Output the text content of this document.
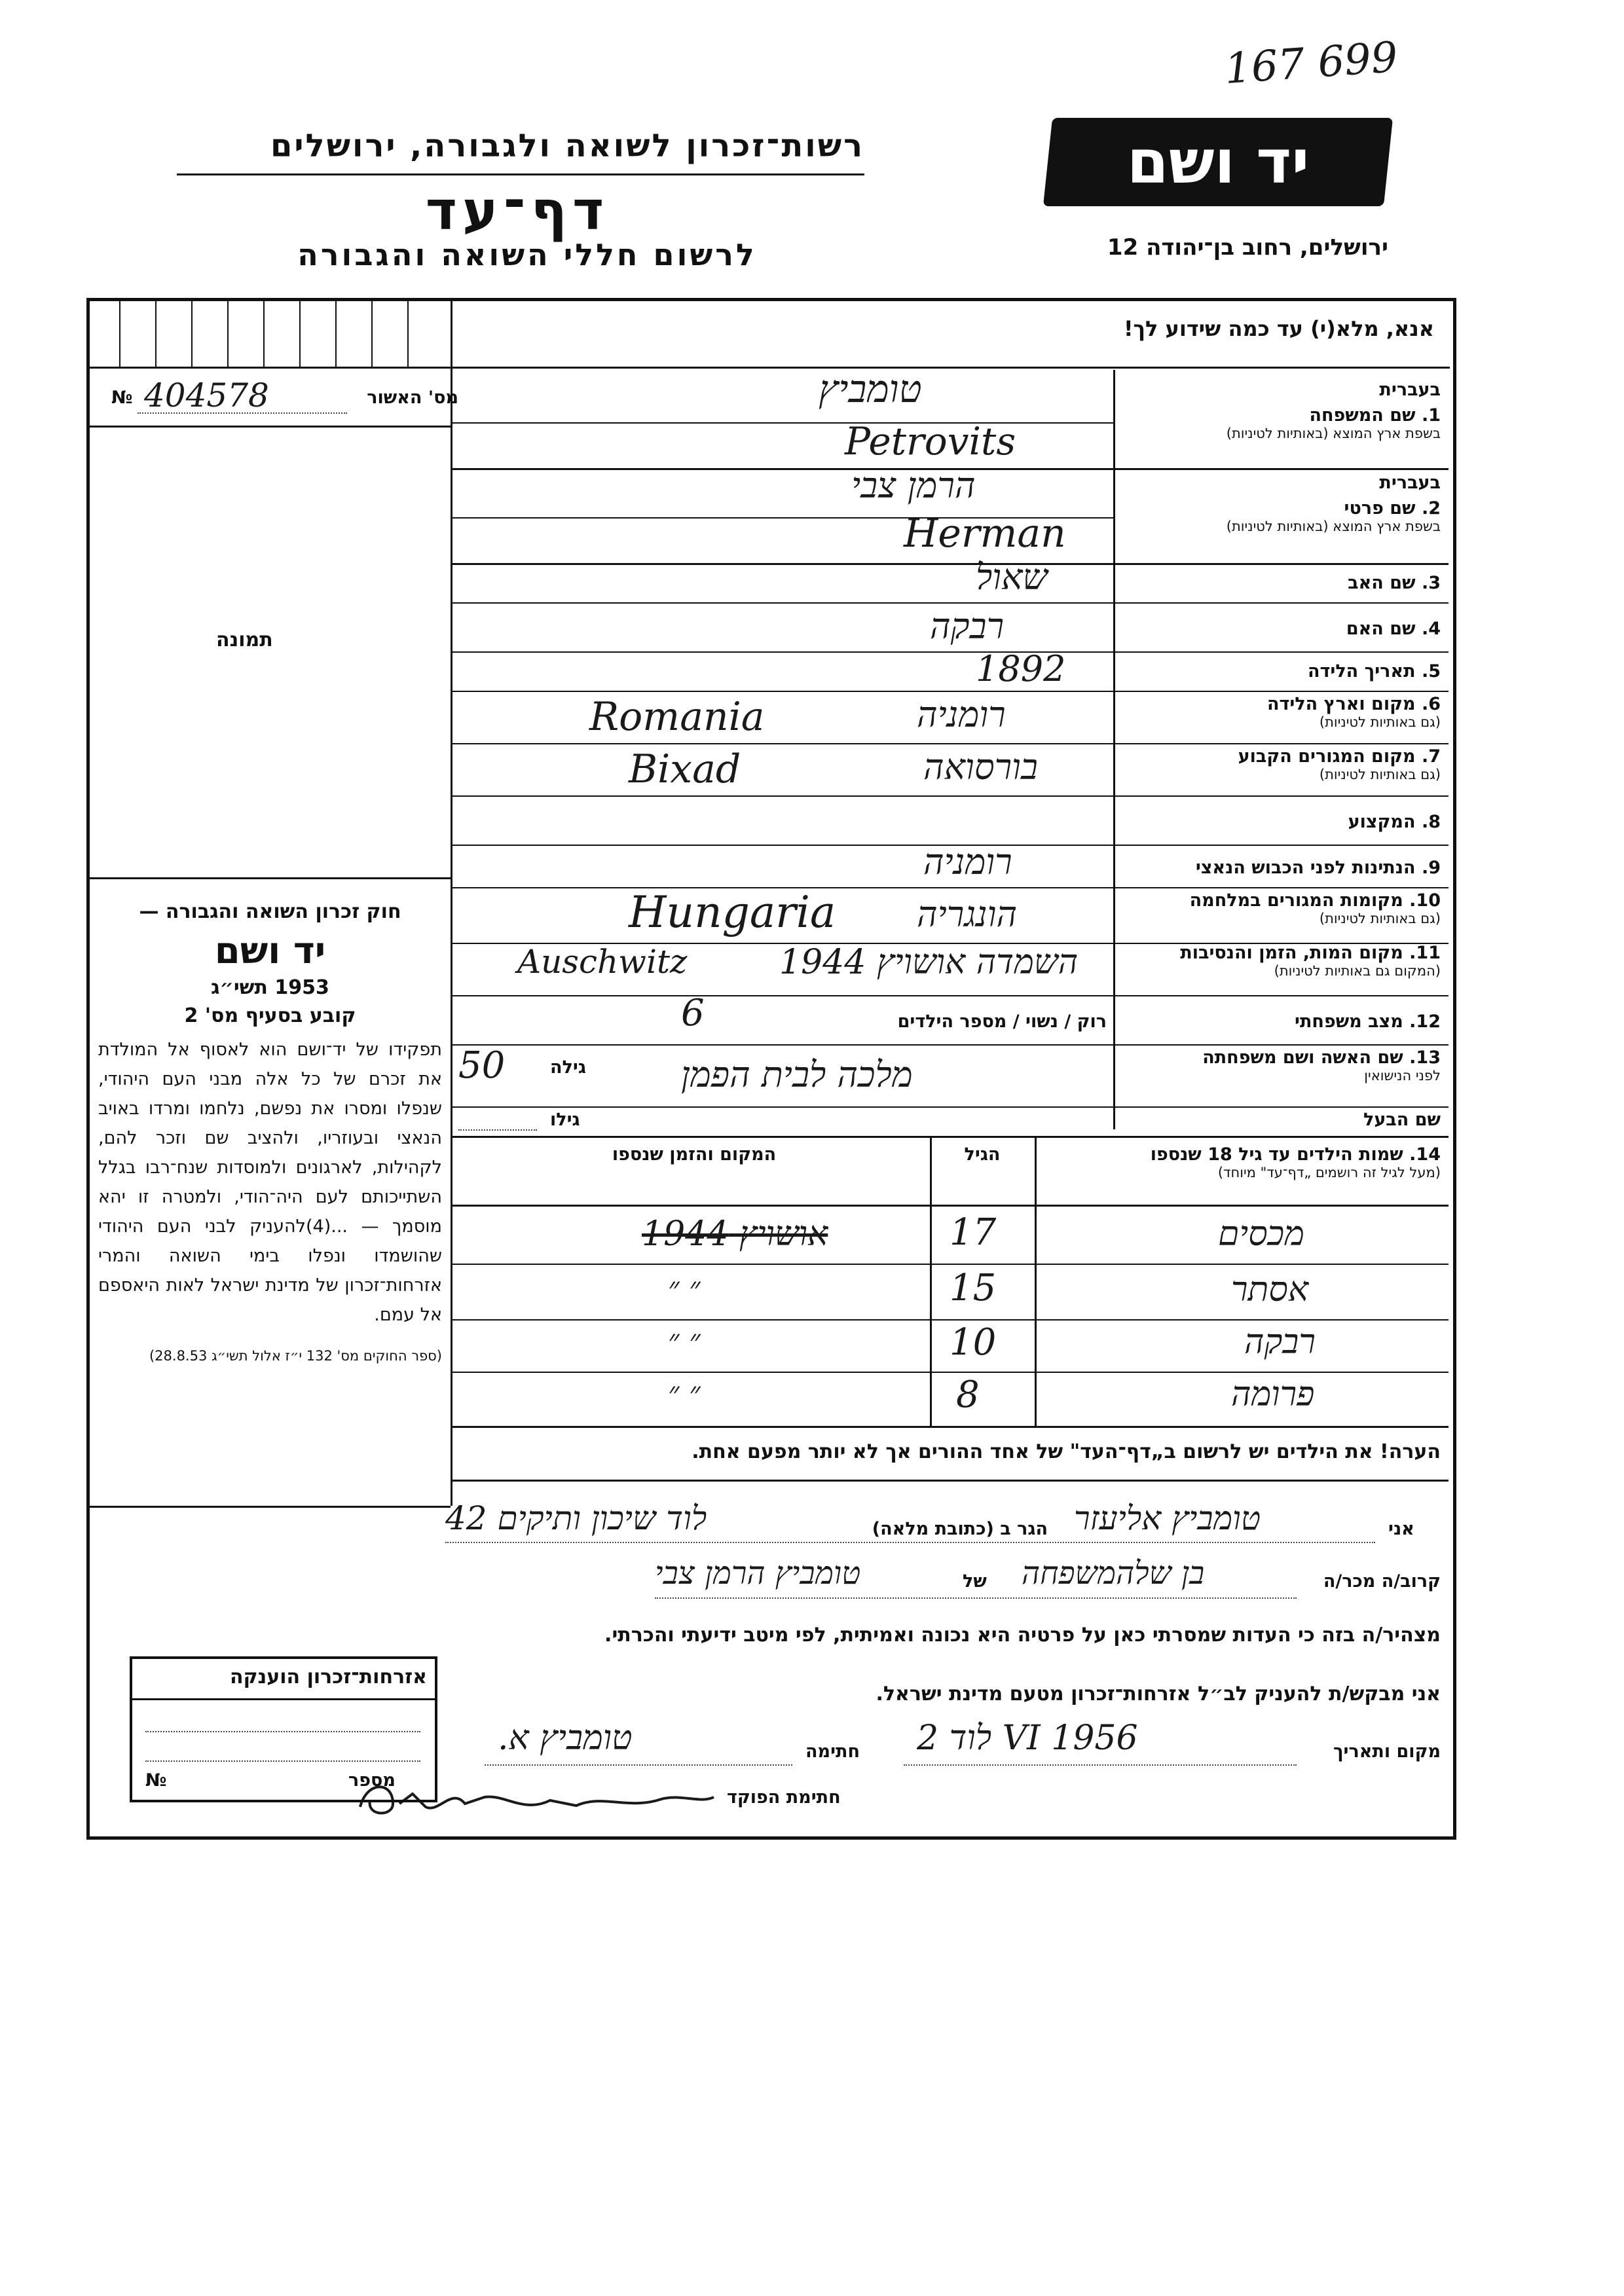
167 699
יד ושם
ירושלים, רחוב בן־יהודה 12
רשות־זכרון לשואה ולגבורה, ירושלים
דף־עד
לרשום חללי השואה והגבורה
אנא, מלא(י) עד כמה שידוע לך!
מס' האשור
№ 404578
תמונה
חוק זכרון השואה והגבורה —
יד ושם
1953 תשי״ג
קובע בסעיף מס' 2
תפקידו של יד־ושם הוא לאסוף אל המולדת את זכרם של כל אלה מבני העם היהודי, שנפלו ומסרו את נפשם, נלחמו ומרדו באויב הנאצי ובעוזריו, ולהציב שם וזכר להם, לקהילות, לארגונים ולמוסדות שנח־רבו בגלל השתייכותם לעם היה־הודי, ולמטרה זו יהא מוסמך — ...(4)להעניק לבני העם היהודי שהושמדו ונפלו בימי השואה והמרי אזרחות־זכרון של מדינת ישראל לאות היאספם אל עמם.
(ספר החוקים מס' 132 י״ז אלול תשי״ג 28.8.53)
בעברית
1. שם המשפחה
בשפת ארץ המוצא (באותיות לטיניות)
טומביץ
Petrovits
בעברית
2. שם פרטי
בשפת ארץ המוצא (באותיות לטיניות)
הרמן צבי
Herman
3. שם האב
שאול
4. שם האם
רבקה
5. תאריך הלידה
1892
6. מקום וארץ הלידה
(גם באותיות לטיניות)
רומניה
Romania
7. מקום המגורים הקבוע
(גם באותיות לטיניות)
בורסואה
Bixad
8. המקצוע
9. הנתינות לפני הכבוש הנאצי
רומניה
10. מקומות המגורים במלחמה
(גם באותיות לטיניות)
הונגריה
Hungaria
11. מקום המות, הזמן והנסיבות
(המקום גם באותיות לטיניות)
השמדה אושויץ 1944
Auschwitz
12. מצב משפחתי
רוק / נשוי / מספר הילדים
6
13. שם האשה ושם משפחתה
לפני הנישואין
מלכה לבית הפמן
גילה
50
שם הבעל
גילו
14. שמות הילדים עד גיל 18 שנספו
(מעל לגיל זה רושמים „דף־עד" מיוחד)
הגיל
המקום והזמן שנספו
מכסים
17
אושויץ 1944
אסתר
15
״ ״
רבקה
10
״ ״
פרומה
8
״ ״
הערה! את הילדים יש לרשום ב„דף־העד" של אחד ההורים אך לא יותר מפעם אחת.
אני
טומביץ אליעזר
הגר ב (כתובת מלאה)
לוד שיכון ותיקים 42
קרוב/ה מכר/ה
בן שלהמשפחה
של
טומביץ הרמן צבי
מצהיר/ה בזה כי העדות שמסרתי כאן על פרטיה היא נכונה ואמיתית, לפי מיטב ידיעתי והכרתי.
אני מבקש/ת להעניק לב״ל אזרחות־זכרון מטעם מדינת ישראל.
מקום ותאריך
לוד 2 VI 1956
חתימה
טומביץ א.
חתימת הפוקד
אזרחות־זכרון הוענקה
מספר
№
